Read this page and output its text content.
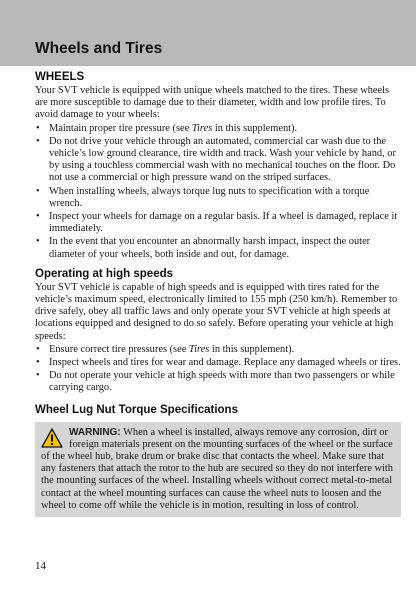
Wheels and Tires
WHEELS

Your SVT vehicle is equipped with unique wheels matched to the tires. These wheels are more susceptible to damage due to their diameter, width and low profile tires. To avoid damage to your wheels:

• Maintain proper tire pressure (see Tires in this supplement).
• Do not drive your vehicle through an automated, commercial car wash due to the vehicle’s low ground clearance, tire width and track. Wash your vehicle by hand, or by using a touchless commercial wash with no mechanical touches on the floor. Do not use a commercial or high pressure wand on the striped surfaces.
• When installing wheels, always torque lug nuts to specification with a torque wrench.
• Inspect your wheels for damage on a regular basis. If a wheel is damaged, replace it immediately.
• In the event that you encounter an abnormally harsh impact, inspect the outer diameter of your wheels, both inside and out, for damage.
Operating at high speeds

Your SVT vehicle is capable of high speeds and is equipped with tires rated for the vehicle’s maximum speed, electronically limited to 155 mph (250 km/h). Remember to drive safely, obey all traffic laws and only operate your SVT vehicle at high speeds at locations equipped and designed to do so safely. Before operating your vehicle at high speeds:

• Ensure correct tire pressures (see Tires in this supplement).
• Inspect wheels and tires for wear and damage. Replace any damaged wheels or tires.
• Do not operate your vehicle at high speeds with more than two passengers or while carrying cargo.
Wheel Lug Nut Torque Specifications
WARNING: When a wheel is installed, always remove any corrosion, dirt or foreign materials present on the mounting surfaces of the wheel or the surface of the wheel hub, brake drum or brake disc that contacts the wheel. Make sure that any fasteners that attach the rotor to the hub are secured so they do not interfere with the mounting surfaces of the wheel. Installing wheels without correct metal-to-metal contact at the wheel mounting surfaces can cause the wheel nuts to loosen and the wheel to come off while the vehicle is in motion, resulting in loss of control.
14
